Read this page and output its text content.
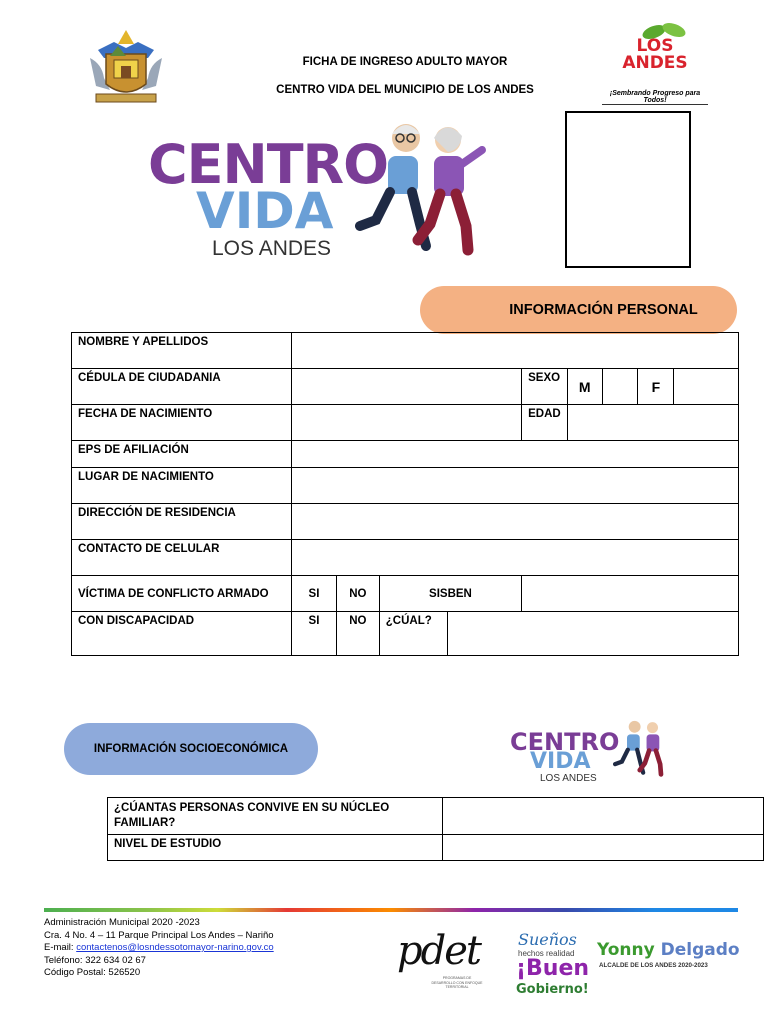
FICHA DE INGRESO ADULTO MAYOR
CENTRO VIDA DEL MUNICIPIO DE LOS ANDES
LOS ANDES
¡Sembrando Progreso para Todos!
CENTRO
VIDA
LOS ANDES
INFORMACIÓN PERSONAL
NOMBRE Y APELLIDOS									
CÉDULA DE CIUDADANIA					SEXO	M		F	
FECHA DE NACIMIENTO					EDAD				
EPS DE AFILIACIÓN									
LUGAR DE NACIMIENTO									
DIRECCIÓN DE RESIDENCIA									
CONTACTO DE CELULAR									
VÍCTIMA DE CONFLICTO ARMADO	SI	NO	SISBEN						
CON DISCAPACIDAD	SI	NO	¿CÚAL?						
INFORMACIÓN SOCIOECONÓMICA	CENTRO
VIDA
LOS ANDES
¿CÚANTAS PERSONAS CONVIVE EN SU NÚCLEO FAMILIAR?	
NIVEL DE ESTUDIO	
Administración Municipal 2020 -2023
Cra. 4 No. 4 – 11 Parque Principal Los Andes – Nariño
E-mail: contactenos@losndessotomayor-narino.gov.co
Teléfono: 322 634 02 67
Código Postal: 526520	pdet
PROGRAMAS DE DESARROLLO CON ENFOQUE TERRITORIAL
Sueños
hechos realidad
¡Buen
Gobierno!
Yonny Delgado
ALCALDE DE LOS ANDES 2020-2023
